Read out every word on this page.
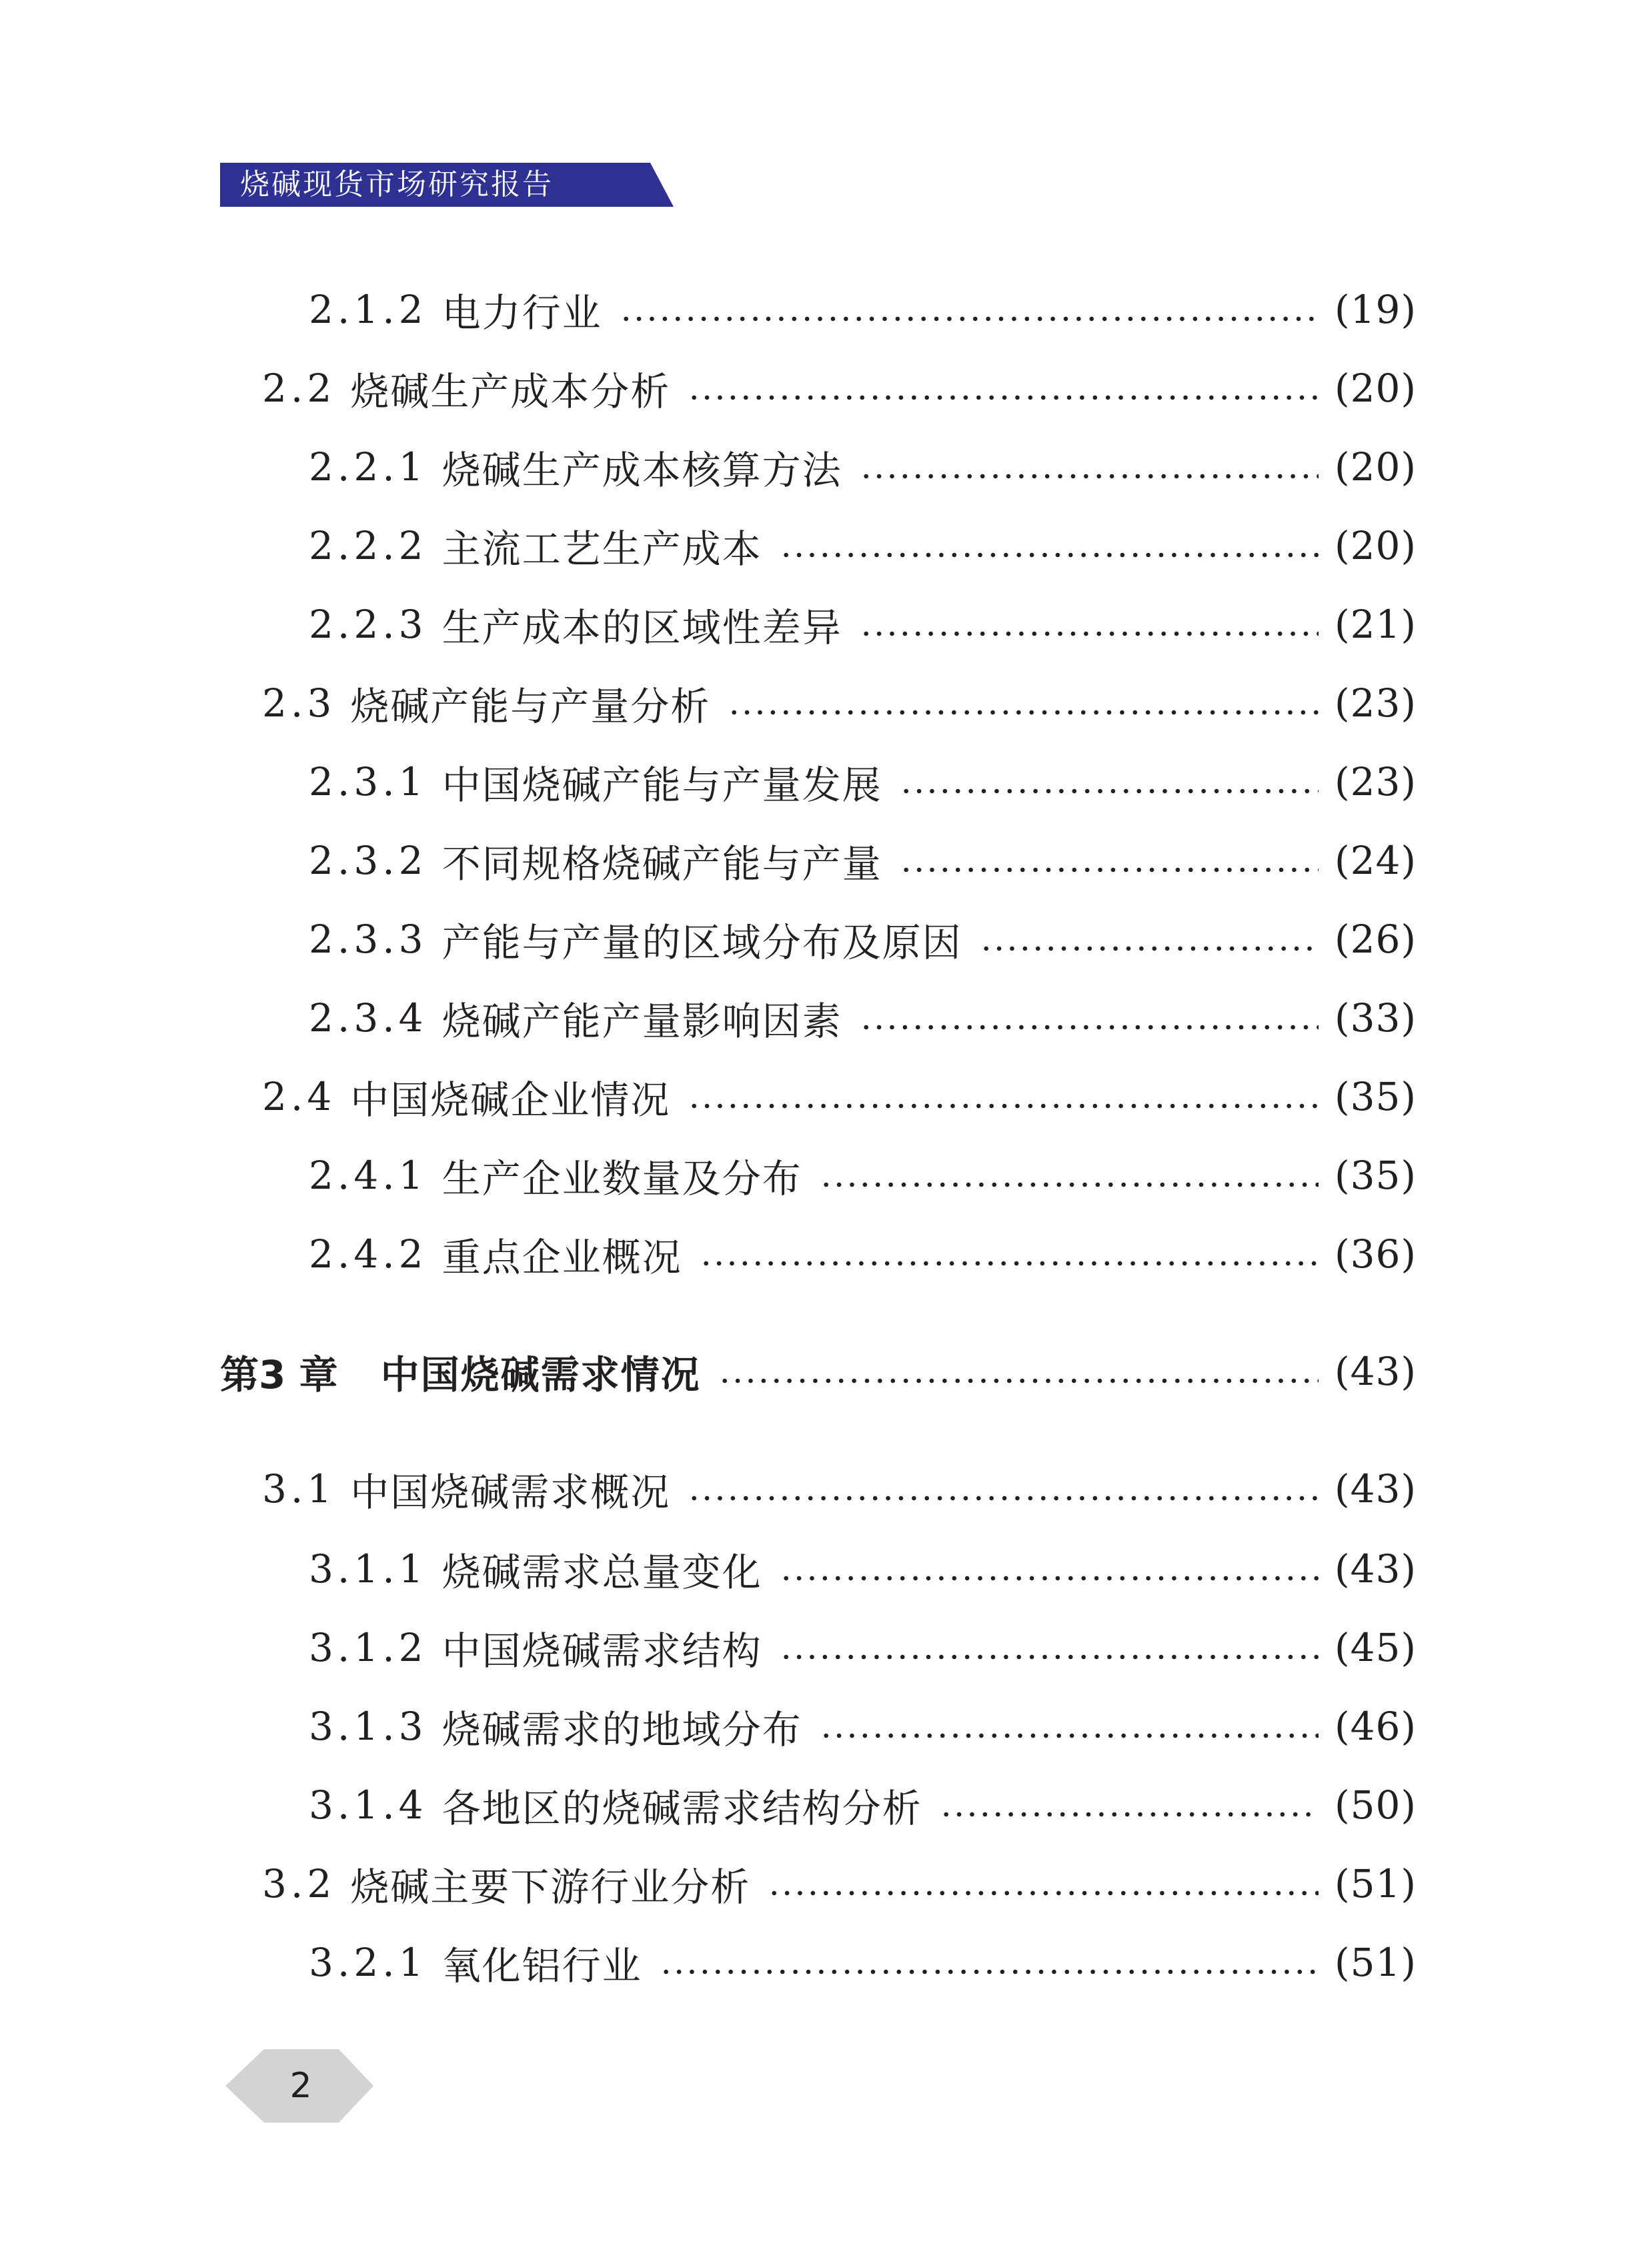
烧碱现货市场研究报告
2.1.2 电力行业	(19)
2.2 烧碱生产成本分析	(20)
2.2.1 烧碱生产成本核算方法	(20)
2.2.2 主流工艺生产成本	(20)
2.2.3 生产成本的区域性差异	(21)
2.3 烧碱产能与产量分析	(23)
2.3.1 中国烧碱产能与产量发展	(23)
2.3.2 不同规格烧碱产能与产量	(24)
2.3.3 产能与产量的区域分布及原因	(26)
2.3.4 烧碱产能产量影响因素	(33)
2.4 中国烧碱企业情况	(35)
2.4.1 生产企业数量及分布	(35)
2.4.2 重点企业概况	(36)
第3 章 中国烧碱需求情况	(43)
3.1 中国烧碱需求概况	(43)
3.1.1 烧碱需求总量变化	(43)
3.1.2 中国烧碱需求结构	(45)
3.1.3 烧碱需求的地域分布	(46)
3.1.4 各地区的烧碱需求结构分析	(50)
3.2 烧碱主要下游行业分析	(51)
3.2.1 氧化铝行业	(51)
2
